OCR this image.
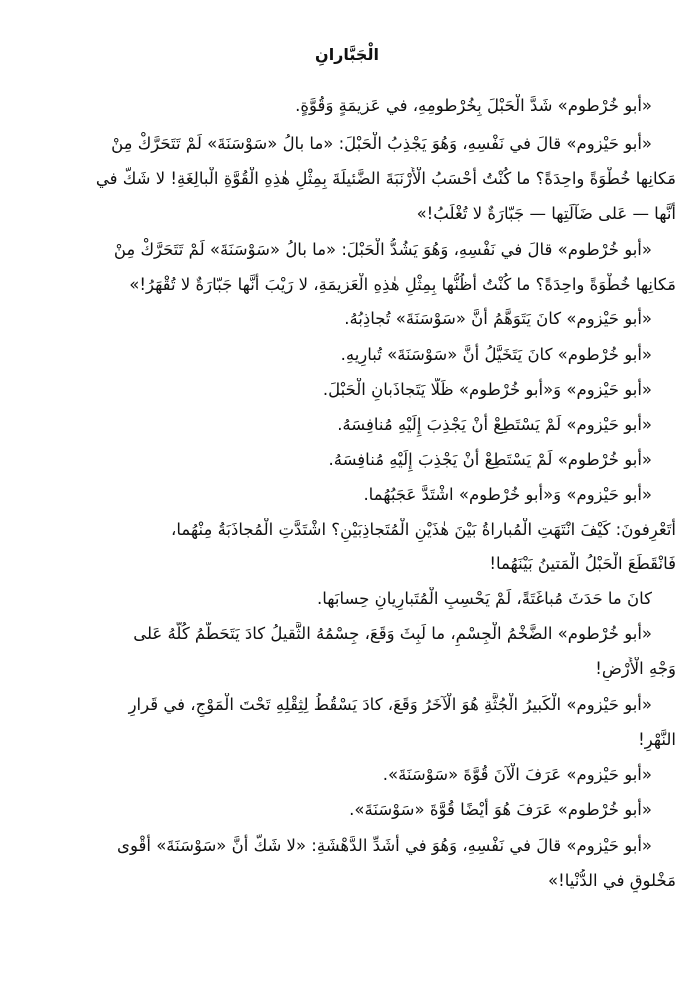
الْجَبَّارانِ

«أَبو خُرْطوم» شَدَّ الْحَبْلَ بِخُرْطومِهِ، في عَزيمَةٍ وَقُوَّةٍ.

«أَبو حَيْزوم» قالَ في نَفْسِهِ، وَهُوَ يَجْذِبُ الْحَبْلَ: «ما بالُ «سَوْسَنَةَ» لَمْ تَتَحَرَّكْ مِنْ

مَكانِها خُطْوَةً واحِدَةً؟ ما كُنْتُ أَحْسَبُ الْأَرْنَبَةَ الضَّئيلَةَ بِمِثْلِ هٰذِهِ الْقُوَّةِ الْبالِغَةِ! لا شَكَّ في

أَنَّها — عَلى ضَآلَتِها — جَبّارَةٌ لا تُغْلَبُ!»

«أَبو خُرْطوم» قالَ في نَفْسِهِ، وَهُوَ يَشُدُّ الْحَبْلَ: «ما بالُ «سَوْسَنَةَ» لَمْ تَتَحَرَّكْ مِنْ

مَكانِها خُطْوَةً واحِدَةً؟ ما كُنْتُ أَظُنُّها بِمِثْلِ هٰذِهِ الْعَزيمَةِ، لا رَيْبَ أَنَّها جَبّارَةٌ لا تُقْهَرُ!»

«أَبو حَيْزوم» كانَ يَتَوَهَّمُ أَنَّ «سَوْسَنَةَ» تُجاذِبُهُ.

«أَبو خُرْطوم» كانَ يَتَخَيَّلُ أَنَّ «سَوْسَنَةَ» تُبارِيهِ.

«أَبو حَيْزوم» وَ«أَبو خُرْطوم» ظَلّا يَتَجاذَبانِ الْحَبْلَ.

«أَبو حَيْزوم» لَمْ يَسْتَطِعْ أَنْ يَجْذِبَ إِلَيْهِ مُنافِسَهُ.

«أَبو خُرْطوم» لَمْ يَسْتَطِعْ أَنْ يَجْذِبَ إِلَيْهِ مُنافِسَهُ.

«أَبو حَيْزوم» وَ«أَبو خُرْطوم» اشْتَدَّ عَجَبُهُما.

أَتَعْرِفونَ: كَيْفَ انْتَهَتِ الْمُباراةُ بَيْنَ هٰذَيْنِ الْمُتَجاذِبَيْنِ؟ اشْتَدَّتِ الْمُجاذَبَةُ مِنْهُما،

فَانْقَطَعَ الْحَبْلُ الْمَتينُ بَيْنَهُما!

كانَ ما حَدَثَ مُباغَتَةً، لَمْ يَحْسِبِ الْمُتَبارِيانِ حِسابَها.

«أَبو خُرْطوم» الضَّخْمُ الْجِسْمِ، ما لَبِثَ وَقَعَ، جِسْمُهُ الثَّقيلُ كادَ يَتَحَطَّمُ كُلُّهُ عَلى

وَجْهِ الْأَرْضِ!

«أَبو حَيْزوم» الْكَبيرُ الْجُثَّةِ هُوَ الْآخَرُ وَقَعَ، كادَ يَسْقُطُ لِثِقْلِهِ تَحْتَ الْمَوْجِ، في قَرارِ

النَّهْرِ!

«أَبو حَيْزوم» عَرَفَ الْآنَ قُوَّةَ «سَوْسَنَةَ».

«أَبو خُرْطوم» عَرَفَ هُوَ أَيْضًا قُوَّةَ «سَوْسَنَةَ».

«أَبو حَيْزوم» قالَ في نَفْسِهِ، وَهُوَ في أَشَدِّ الدَّهْشَةِ: «لا شَكَّ أَنَّ «سَوْسَنَةَ» أَقْوى

مَخْلوقٍ في الدُّنْيا!»
